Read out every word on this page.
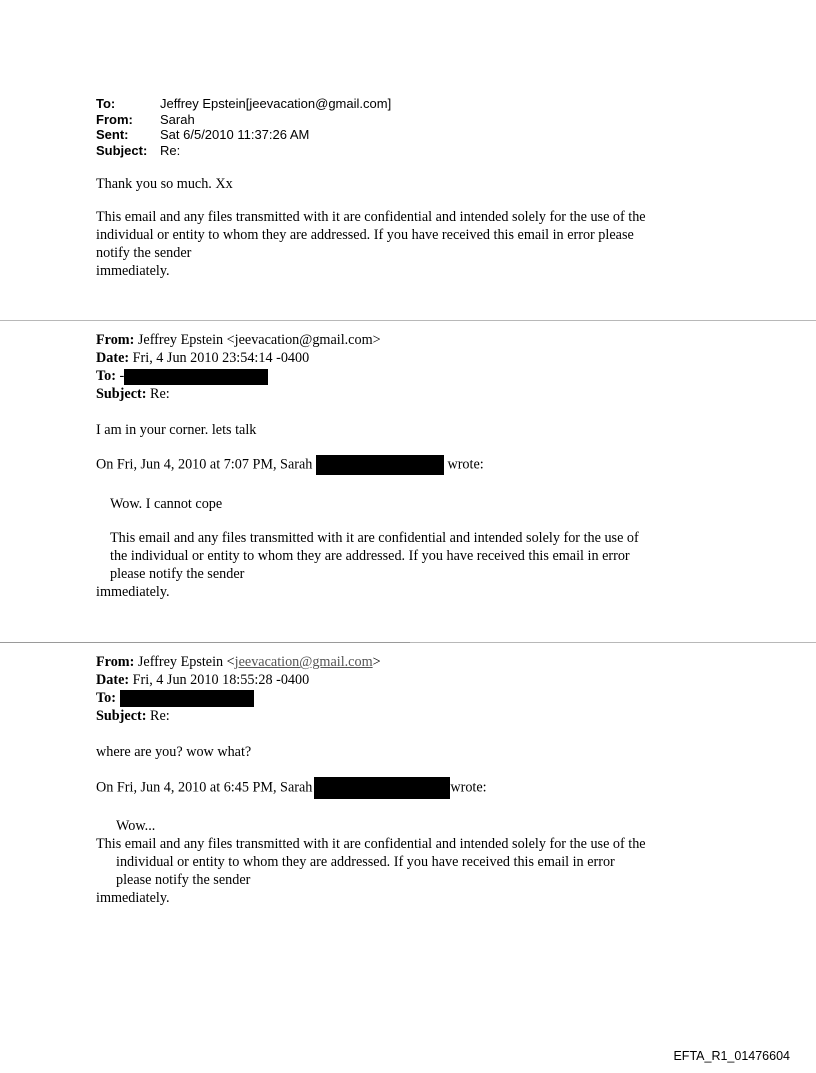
To:	Jeffrey Epstein[jeevacation@gmail.com]
From:	Sarah
Sent:	Sat 6/5/2010 11:37:26 AM
Subject: Re:
Thank you so much. Xx
This email and any files transmitted with it are confidential and intended solely for the use of the
individual or entity to whom they are addressed. If you have received this email in error please
notify the sender
immediately.
From: Jeffrey Epstein <jeevacation@gmail.com>
Date: Fri, 4 Jun 2010 23:54:14 -0400
To: -
Subject: Re:
I am in your corner. lets talk
On Fri, Jun 4, 2010 at 7:07 PM, Sarah	wrote:
Wow. I cannot cope
This email and any files transmitted with it are confidential and intended solely for the use of
the individual or entity to whom they are addressed. If you have received this email in error
please notify the sender
immediately.
From: Jeffrey Epstein <jeevacation@gmail.com>
Date: Fri, 4 Jun 2010 18:55:28 -0400
To:
Subject: Re:
where are you? wow what?
On Fri, Jun 4, 2010 at 6:45 PM, Sarah	wrote:
Wow...
This email and any files transmitted with it are confidential and intended solely for the use of the
individual or entity to whom they are addressed. If you have received this email in error
please notify the sender
immediately.
EFTA_R1_01476604
